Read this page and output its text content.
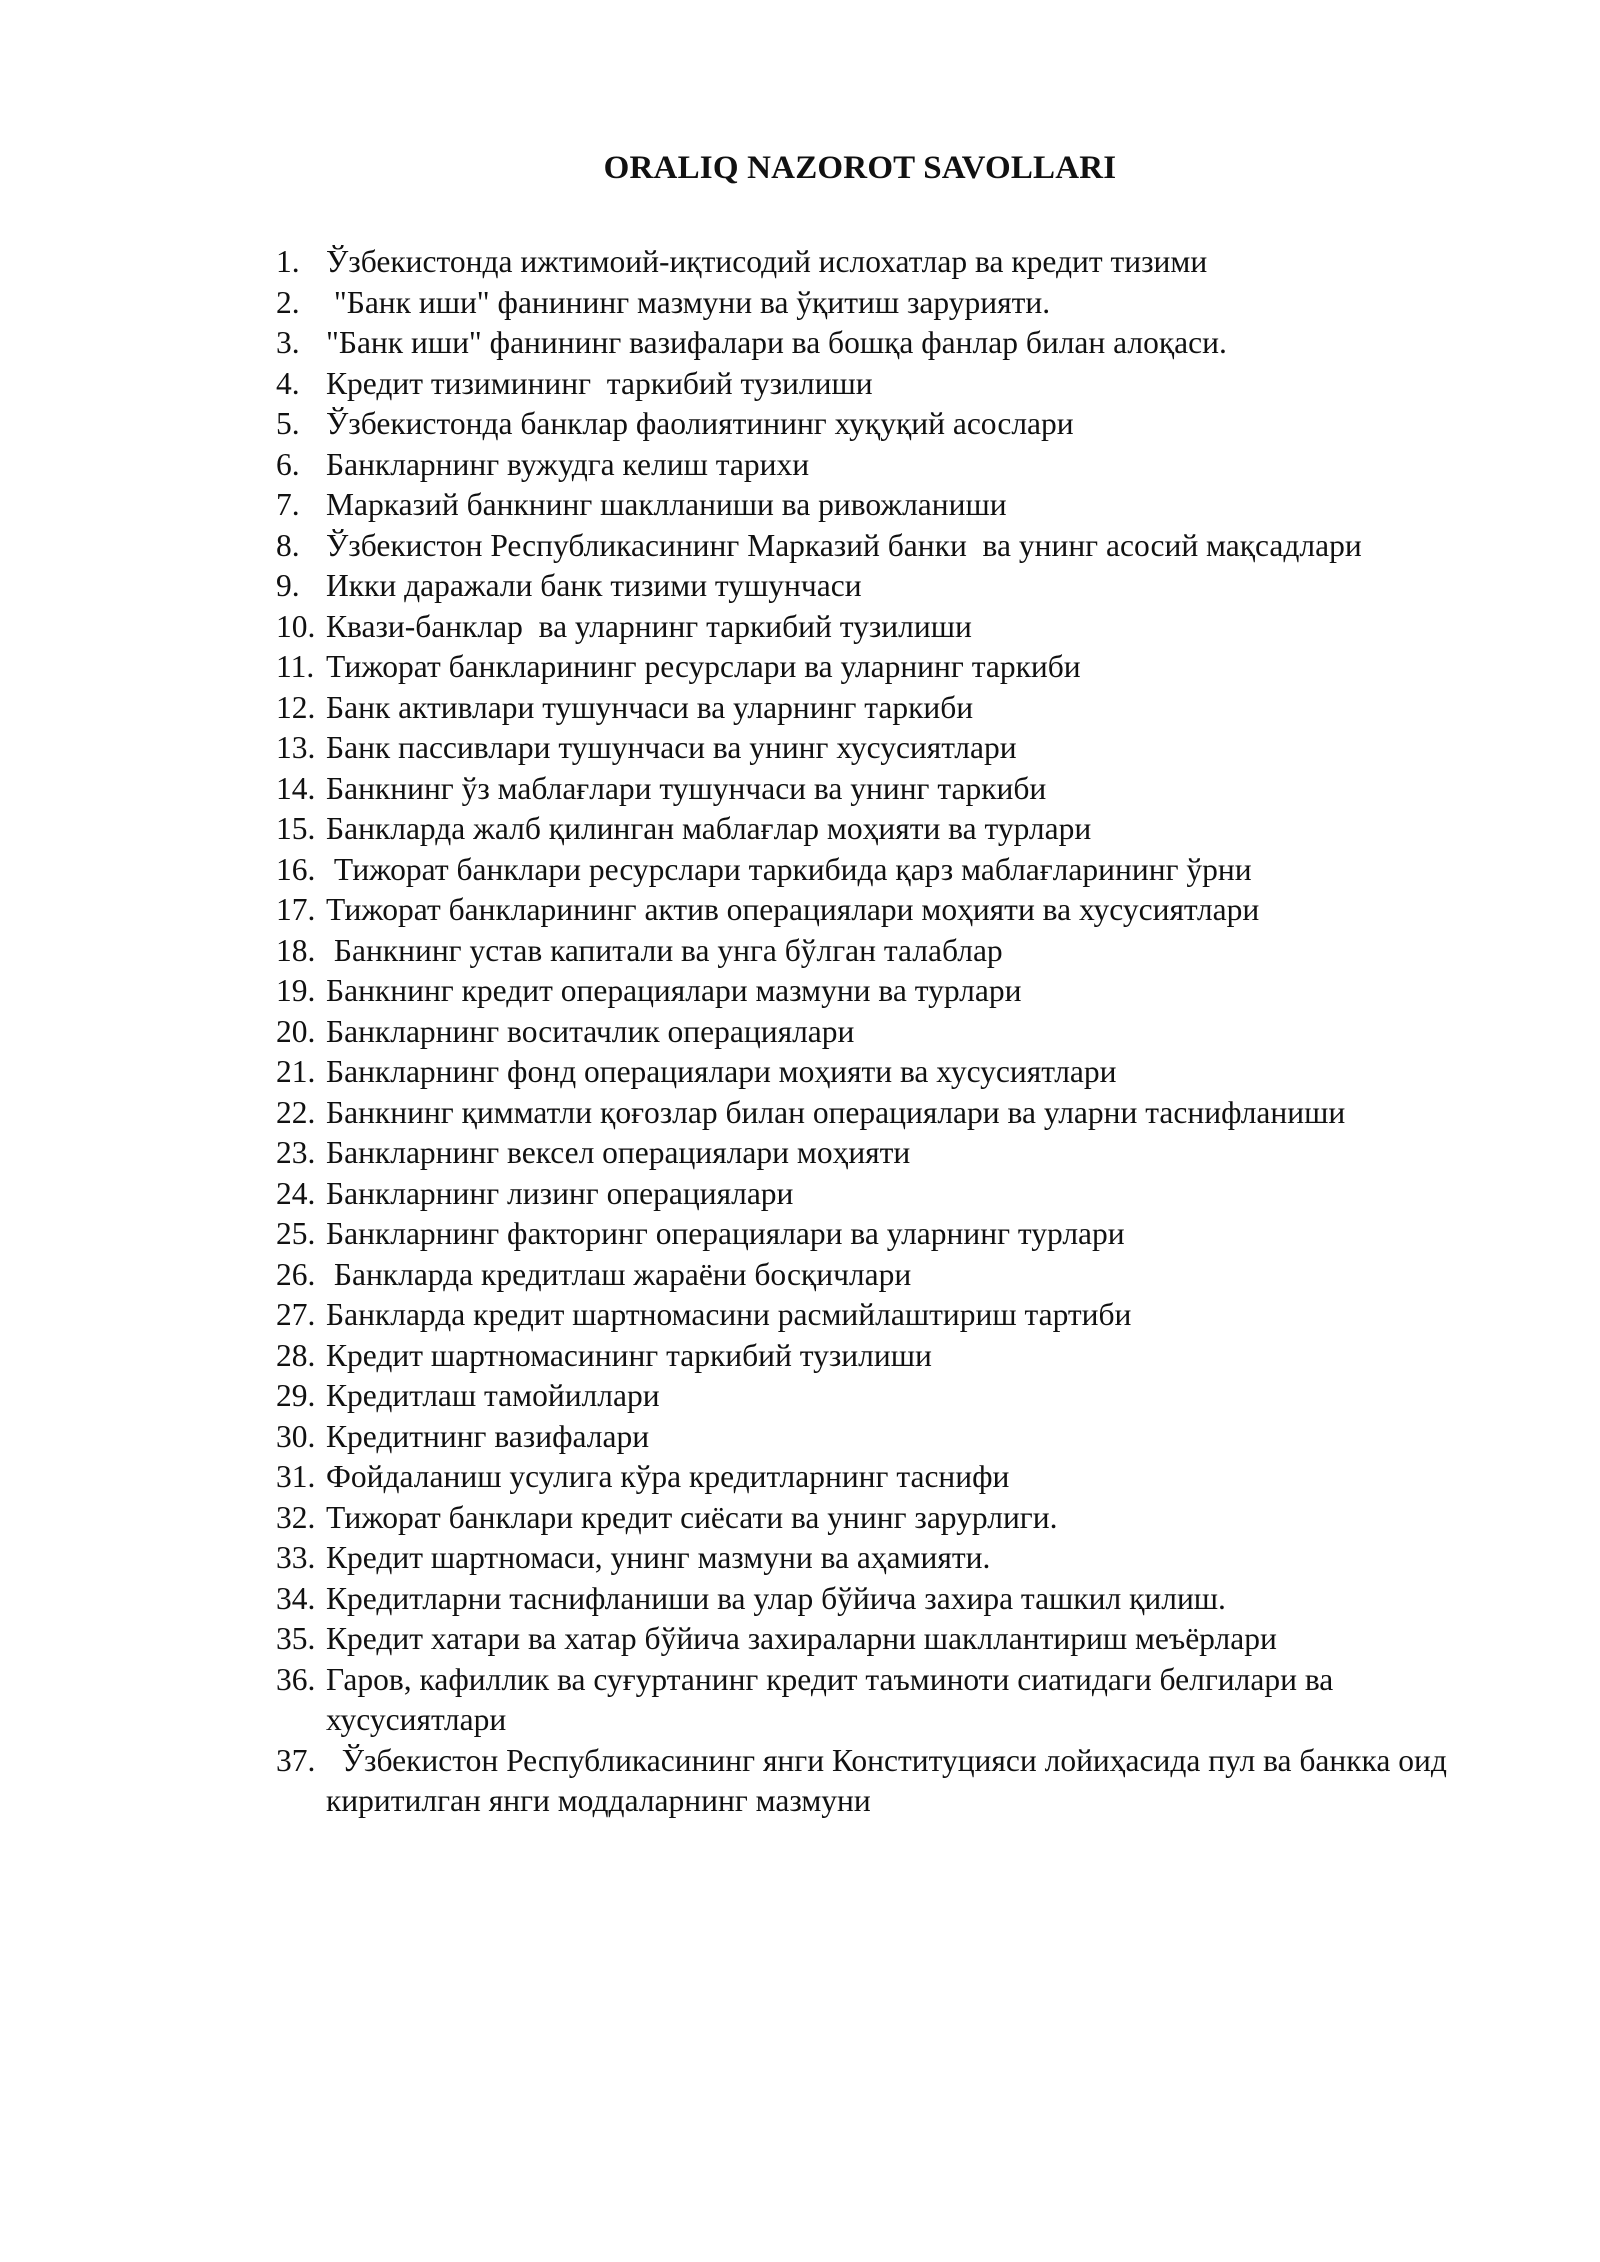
ORALIQ NAZOROT SAVOLLARI
1. Ўзбекистонда ижтимоий-иқтисодий ислохатлар ва кредит тизими
2. "Банк иши" фанининг мазмуни ва ўқитиш зарурияти.
3. "Банк иши" фанининг вазифалари ва бошқа фанлар билан алоқаси.
4. Кредит тизимининг  таркибий тузилиши
5. Ўзбекистонда банклар фаолиятининг хуқуқий асослари
6. Банкларнинг вужудга келиш тарихи
7. Марказий банкнинг шаклланиши ва ривожланиши
8. Ўзбекистон Республикасининг Марказий банки  ва унинг асосий мақсадлари
9. Икки даражали банк тизими тушунчаси
10. Квази-банклар  ва уларнинг таркибий тузилиши
11. Тижорат банкларининг ресурслари ва уларнинг таркиби
12. Банк активлари тушунчаси ва уларнинг таркиби
13. Банк пассивлари тушунчаси ва унинг хусусиятлари
14. Банкнинг ўз маблағлари тушунчаси ва унинг таркиби
15. Банкларда жалб қилинган маблағлар моҳияти ва турлари
16. Тижорат банклари ресурслари таркибида қарз маблағларининг ўрни
17. Тижорат банкларининг актив операциялари моҳияти ва хусусиятлари
18. Банкнинг устав капитали ва унга бўлган талаблар
19. Банкнинг кредит операциялари мазмуни ва турлари
20. Банкларнинг воситачлик операциялари
21. Банкларнинг фонд операциялари моҳияти ва хусусиятлари
22. Банкнинг қимматли қоғозлар билан операциялари ва уларни таснифланиши
23. Банкларнинг вексел операциялари моҳияти
24. Банкларнинг лизинг операциялари
25. Банкларнинг факторинг операциялари ва уларнинг турлари
26. Банкларда кредитлаш жараёни босқичлари
27. Банкларда кредит шартномасини расмийлаштириш тартиби
28. Кредит шартномасининг таркибий тузилиши
29. Кредитлаш тамойиллари
30. Кредитнинг вазифалари
31. Фойдаланиш усулига кўра кредитларнинг таснифи
32. Тижорат банклари кредит сиёсати ва унинг зарурлиги.
33. Кредит шартномаси, унинг мазмуни ва аҳамияти.
34. Кредитларни таснифланиши ва улар бўйича захира ташкил қилиш.
35. Кредит хатари ва хатар бўйича захираларни шакллантириш меъёрлари
36. Гаров, кафиллик ва суғуртанинг кредит таъминоти сиатидаги белгилари ва хусусиятлари
37. Ўзбекистон Республикасининг янги Конституцияси лойиҳасида пул ва банкка оид киритилган янги моддаларнинг мазмуни
